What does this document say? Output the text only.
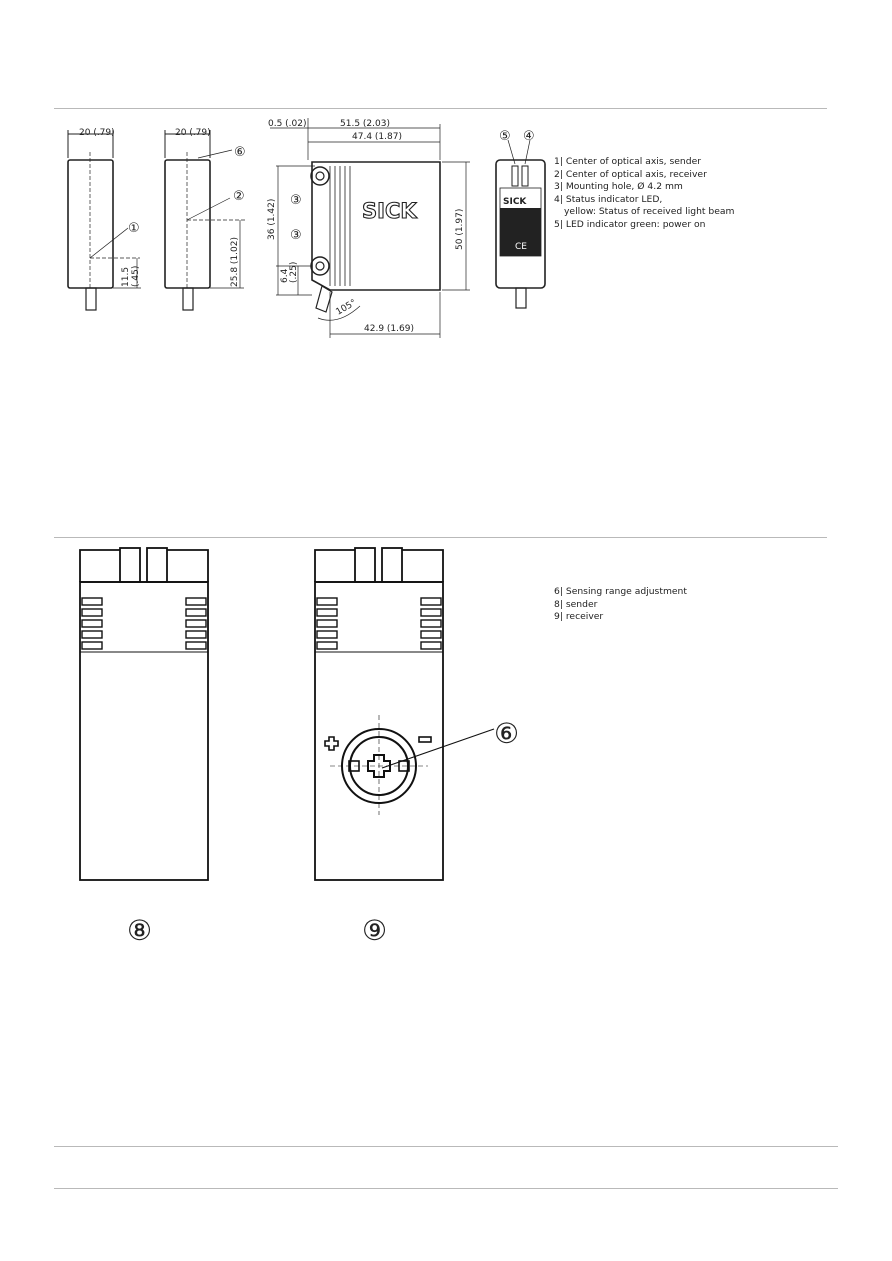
20 (.79)	20 (.79)
0.5 (.02)	51.5 (2.03)
47.4 (1.87)
36 (1.42)	50 (1.97)
11.5 (.45)	25.8 (1.02)	6.4 (.25)
105°
42.9 (1.69)
①
②
⑥
③
③
⑤ ④
SICK	SICK
CE
1| Center of optical axis, sender
2| Center of optical axis, receiver
3| Mounting hole, Ø 4.2 mm
4| Status indicator LED,
yellow: Status of received light beam
5| LED indicator green: power on
⑥
⑧	⑨
6| Sensing range adjustment
8| sender
9| receiver
